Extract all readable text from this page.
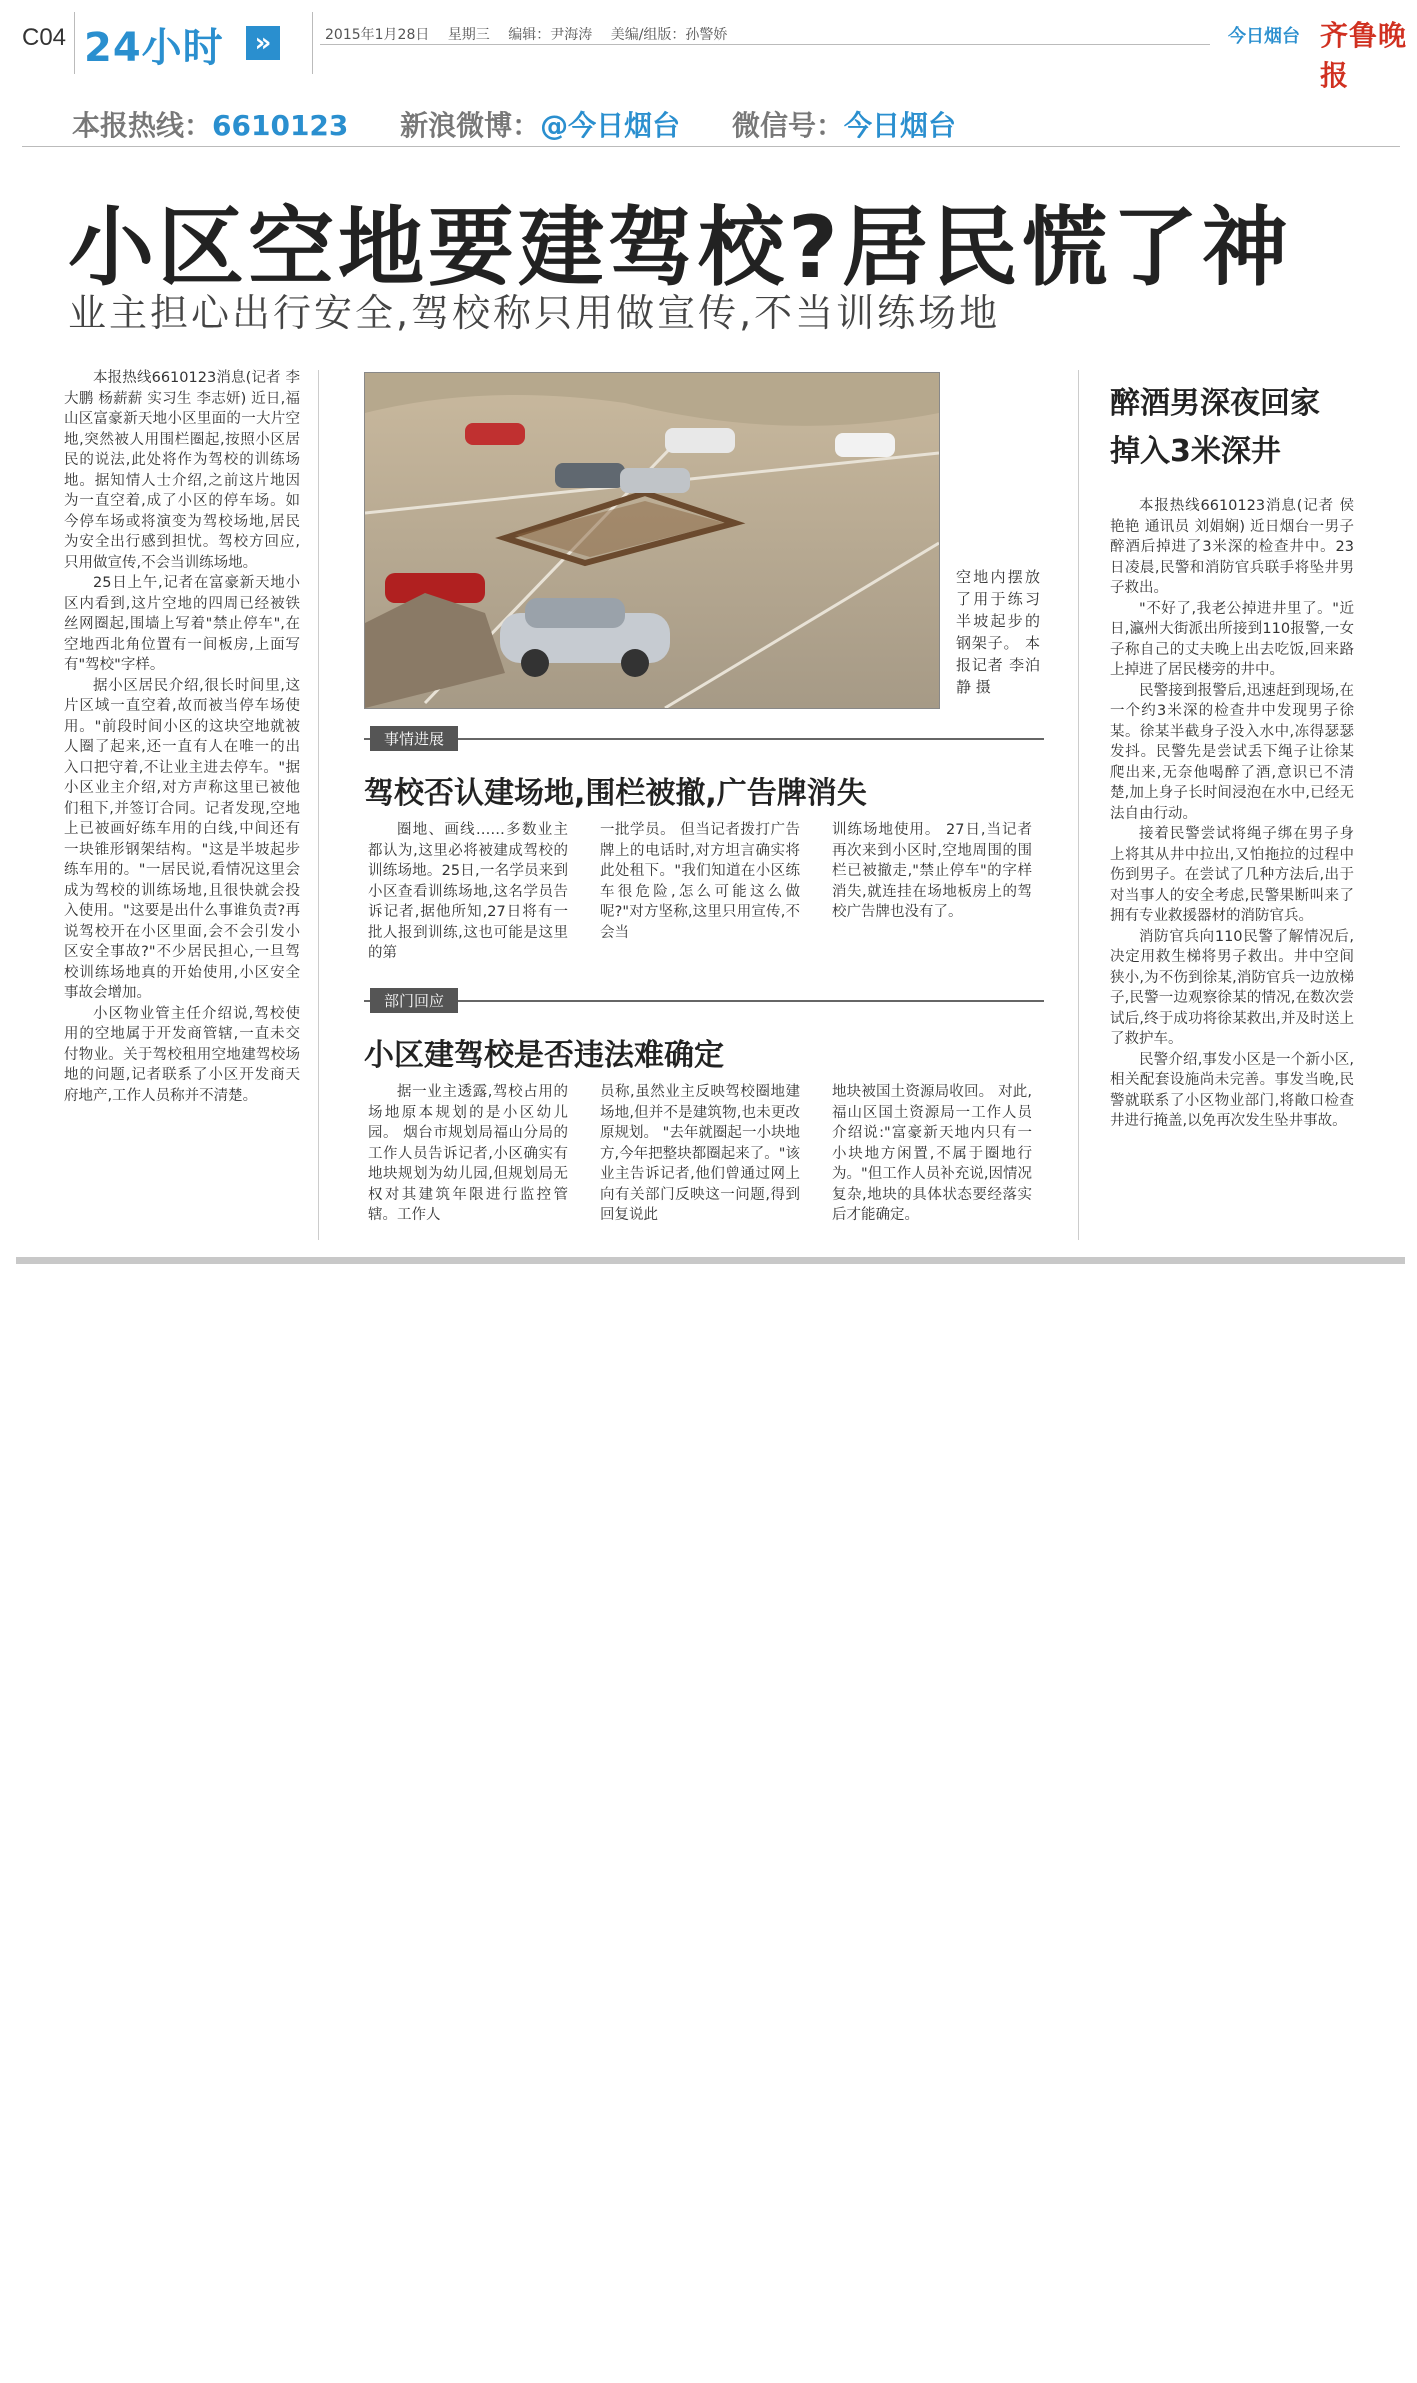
C04 24小时	»	2015年1月28日 星期三 编辑：尹海涛 美编/组版：孙警娇	今日烟台 齐鲁晚报
本报热线：6610123 新浪微博：@今日烟台 微信号：今日烟台
小区空地要建驾校?居民慌了神
业主担心出行安全,驾校称只用做宣传,不当训练场地

本报热线6610123消息(记者 李大鹏 杨薪薪 实习生 李志妍) 近日,福山区富豪新天地小区里面的一大片空地,突然被人用围栏圈起,按照小区居民的说法,此处将作为驾校的训练场地。据知情人士介绍,之前这片地因为一直空着,成了小区的停车场。如今停车场或将演变为驾校场地,居民为安全出行感到担忧。驾校方回应,只用做宣传,不会当训练场地。

25日上午,记者在富豪新天地小区内看到,这片空地的四周已经被铁丝网圈起,围墙上写着"禁止停车",在空地西北角位置有一间板房,上面写有"驾校"字样。

据小区居民介绍,很长时间里,这片区域一直空着,故而被当停车场使用。"前段时间小区的这块空地就被人圈了起来,还一直有人在唯一的出入口把守着,不让业主进去停车。"据小区业主介绍,对方声称这里已被他们租下,并签订合同。记者发现,空地上已被画好练车用的白线,中间还有一块锥形钢架结构。"这是半坡起步练车用的。"一居民说,看情况这里会成为驾校的训练场地,且很快就会投入使用。"这要是出什么事谁负责?再说驾校开在小区里面,会不会引发小区安全事故?"不少居民担心,一旦驾校训练场地真的开始使用,小区安全事故会增加。

小区物业管主任介绍说,驾校使用的空地属于开发商管辖,一直未交付物业。关于驾校租用空地建驾校场地的问题,记者联系了小区开发商天府地产,工作人员称并不清楚。

空地内摆放了用于练习半坡起步的钢架子。 本报记者 李泊静 摄
事情进展
驾校否认建场地,围栏被撤,广告牌消失

圈地、画线……多数业主都认为,这里必将被建成驾校的训练场地。25日,一名学员来到小区查看训练场地,这名学员告诉记者,据他所知,27日将有一批人报到训练,这也可能是这里的第

一批学员。 但当记者拨打广告牌上的电话时,对方坦言确实将此处租下。"我们知道在小区练车很危险,怎么可能这么做呢?"对方坚称,这里只用宣传,不会当

训练场地使用。 27日,当记者再次来到小区时,空地周围的围栏已被撤走,"禁止停车"的字样消失,就连挂在场地板房上的驾校广告牌也没有了。

部门回应
小区建驾校是否违法难确定

据一业主透露,驾校占用的场地原本规划的是小区幼儿园。 烟台市规划局福山分局的工作人员告诉记者,小区确实有地块规划为幼儿园,但规划局无权对其建筑年限进行监控管辖。工作人

员称,虽然业主反映驾校圈地建场地,但并不是建筑物,也未更改原规划。 "去年就圈起一小块地方,今年把整块都圈起来了。"该业主告诉记者,他们曾通过网上向有关部门反映这一问题,得到回复说此

地块被国土资源局收回。 对此,福山区国土资源局一工作人员介绍说:"富豪新天地内只有一小块地方闲置,不属于圈地行为。"但工作人员补充说,因情况复杂,地块的具体状态要经落实后才能确定。

醉酒男深夜回家
掉入3米深井

本报热线6610123消息(记者 侯艳艳 通讯员 刘娟娴) 近日烟台一男子醉酒后掉进了3米深的检查井中。23日凌晨,民警和消防官兵联手将坠井男子救出。

"不好了,我老公掉进井里了。"近日,瀛州大街派出所接到110报警,一女子称自己的丈夫晚上出去吃饭,回来路上掉进了居民楼旁的井中。

民警接到报警后,迅速赶到现场,在一个约3米深的检查井中发现男子徐某。徐某半截身子没入水中,冻得瑟瑟发抖。民警先是尝试丢下绳子让徐某爬出来,无奈他喝醉了酒,意识已不清楚,加上身子长时间浸泡在水中,已经无法自由行动。

接着民警尝试将绳子绑在男子身上将其从井中拉出,又怕拖拉的过程中伤到男子。在尝试了几种方法后,出于对当事人的安全考虑,民警果断叫来了拥有专业救援器材的消防官兵。

消防官兵向110民警了解情况后,决定用救生梯将男子救出。井中空间狭小,为不伤到徐某,消防官兵一边放梯子,民警一边观察徐某的情况,在数次尝试后,终于成功将徐某救出,并及时送上了救护车。

民警介绍,事发小区是一个新小区,相关配套设施尚未完善。事发当晚,民警就联系了小区物业部门,将敞口检查井进行掩盖,以免再次发生坠井事故。
